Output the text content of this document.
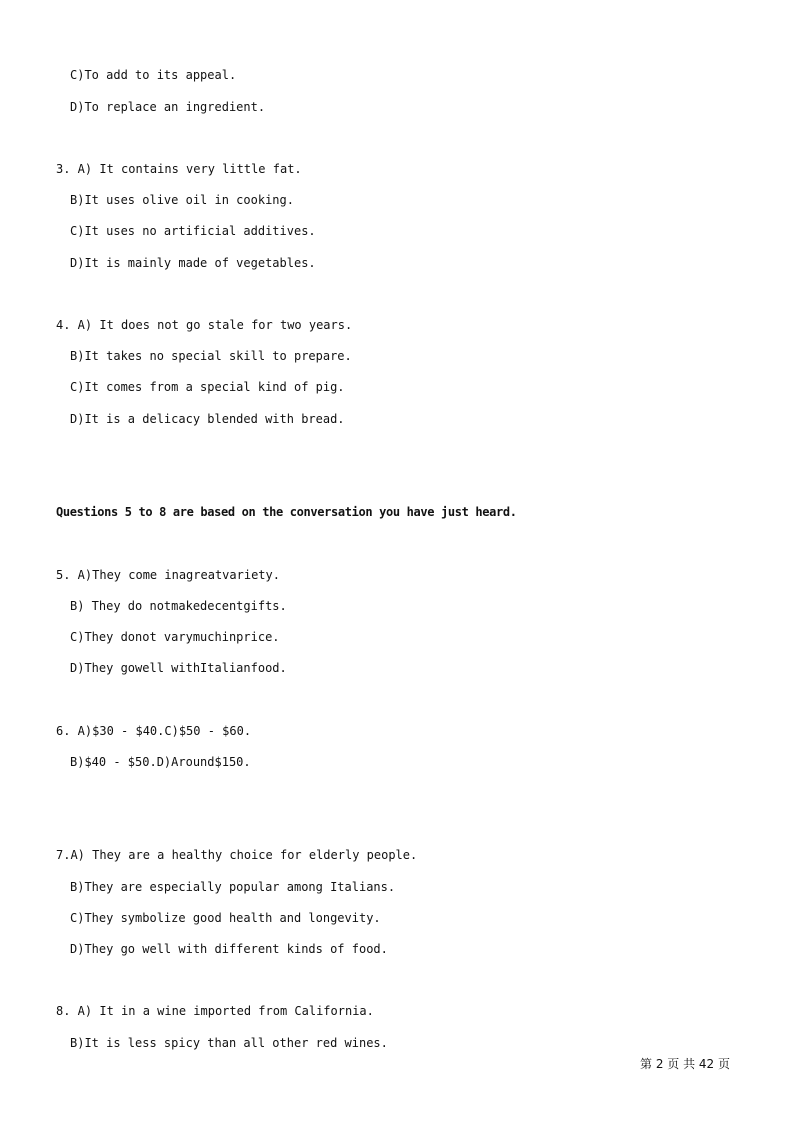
C)To add to its appeal.
D)To replace an ingredient.
3. A) It contains very little fat.
B)It uses olive oil in cooking.
C)It uses no artificial additives.
D)It is mainly made of vegetables.
4. A) It does not go stale for two years.
B)It takes no special skill to prepare.
C)It comes from a special kind of pig.
D)It is a delicacy blended with bread.
Questions 5 to 8 are based on the conversation you have just heard.
5. A)They come inagreatvariety.
B) They do notmakedecentgifts.
C)They donot varymuchinprice.
D)They gowell withItalianfood.
6. A)$30 - $40.C)$50 - $60.
B)$40 - $50.D)Around$150.
7.A) They are a healthy choice for elderly people.
B)They are especially popular among Italians.
C)They symbolize good health and longevity.
D)They go well with different kinds of food.
8. A) It in a wine imported from California.
B)It is less spicy than all other red wines.
第 2 页 共 42 页
